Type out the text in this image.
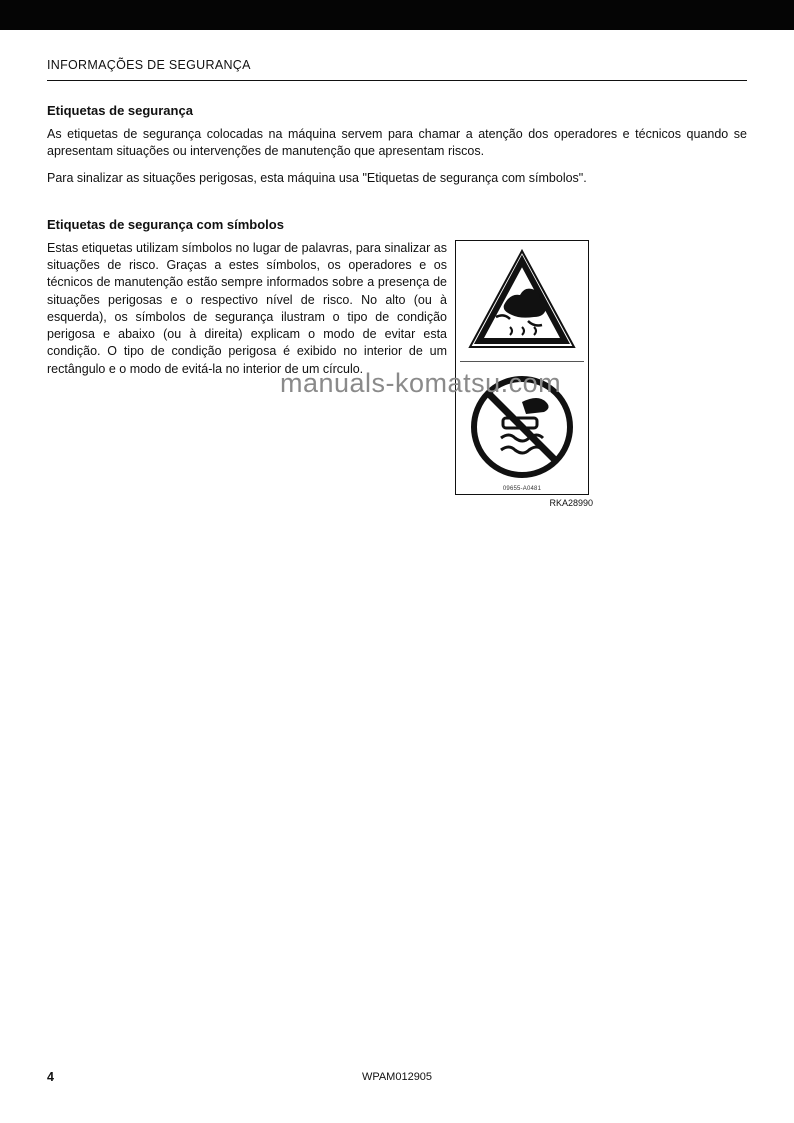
INFORMAÇÕES DE SEGURANÇA
Etiquetas de segurança

As etiquetas de segurança colocadas na máquina servem para chamar a atenção dos operadores e técnicos quando se apresentam situações ou intervenções de manutenção que apresentam riscos.

Para sinalizar as situações perigosas, esta máquina usa "Etiquetas de segurança com símbolos".

Etiquetas de segurança com símbolos

Estas etiquetas utilizam símbolos no lugar de palavras, para sinalizar as situações de risco. Graças a estes símbolos, os operadores e os técnicos de manutenção estão sempre informados sobre a presença de situações perigosas e o respectivo nível de risco. No alto (ou à esquerda), os símbolos de segurança ilustram o tipo de condição perigosa e abaixo (ou à direita) explicam o modo de evitar esta condição. O tipo de condição perigosa é exibido no interior de um rectângulo e o modo de evitá-la no interior de um círculo.

09655-A0481
RKA28990
manuals-komatsu.com
4	WPAM012905
